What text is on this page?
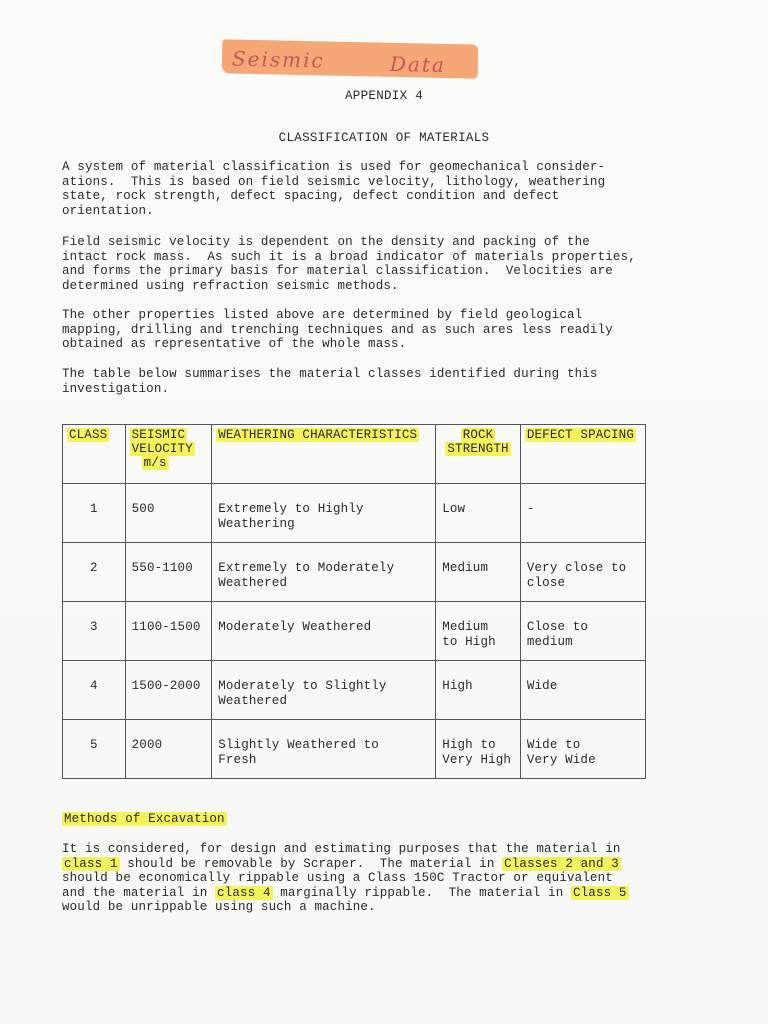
Seismic	Data
APPENDIX 4
CLASSIFICATION OF MATERIALS
A system of material classification is used for geomechanical consider-
ations.  This is based on field seismic velocity, lithology, weathering
state, rock strength, defect spacing, defect condition and defect
orientation.
Field seismic velocity is dependent on the density and packing of the
intact rock mass.  As such it is a broad indicator of materials properties,
and forms the primary basis for material classification.  Velocities are
determined using refraction seismic methods.
The other properties listed above are determined by field geological
mapping, drilling and trenching techniques and as such ares less readily
obtained as representative of the whole mass.
The table below summarises the material classes identified during this
investigation.
CLASS	SEISMIC
VELOCITY
m/s	WEATHERING CHARACTERISTICS	ROCK
STRENGTH	DEFECT SPACING

1	500	Extremely to Highly
Weathering	Low	-

2	550-1100	Extremely to Moderately
Weathered	Medium	Very close to
close

3	1100-1500	Moderately Weathered	Medium
to High	Close to
medium

4	1500-2000	Moderately to Slightly
Weathered	High	Wide

5	2000	Slightly Weathered to
Fresh	High to
Very High	Wide to
Very Wide
Methods of Excavation
It is considered, for design and estimating purposes that the material in
class 1 should be removable by Scraper.  The material in Classes 2 and 3
should be economically rippable using a Class 150C Tractor or equivalent
and the material in class 4 marginally rippable.  The material in Class 5
would be unrippable using such a machine.
